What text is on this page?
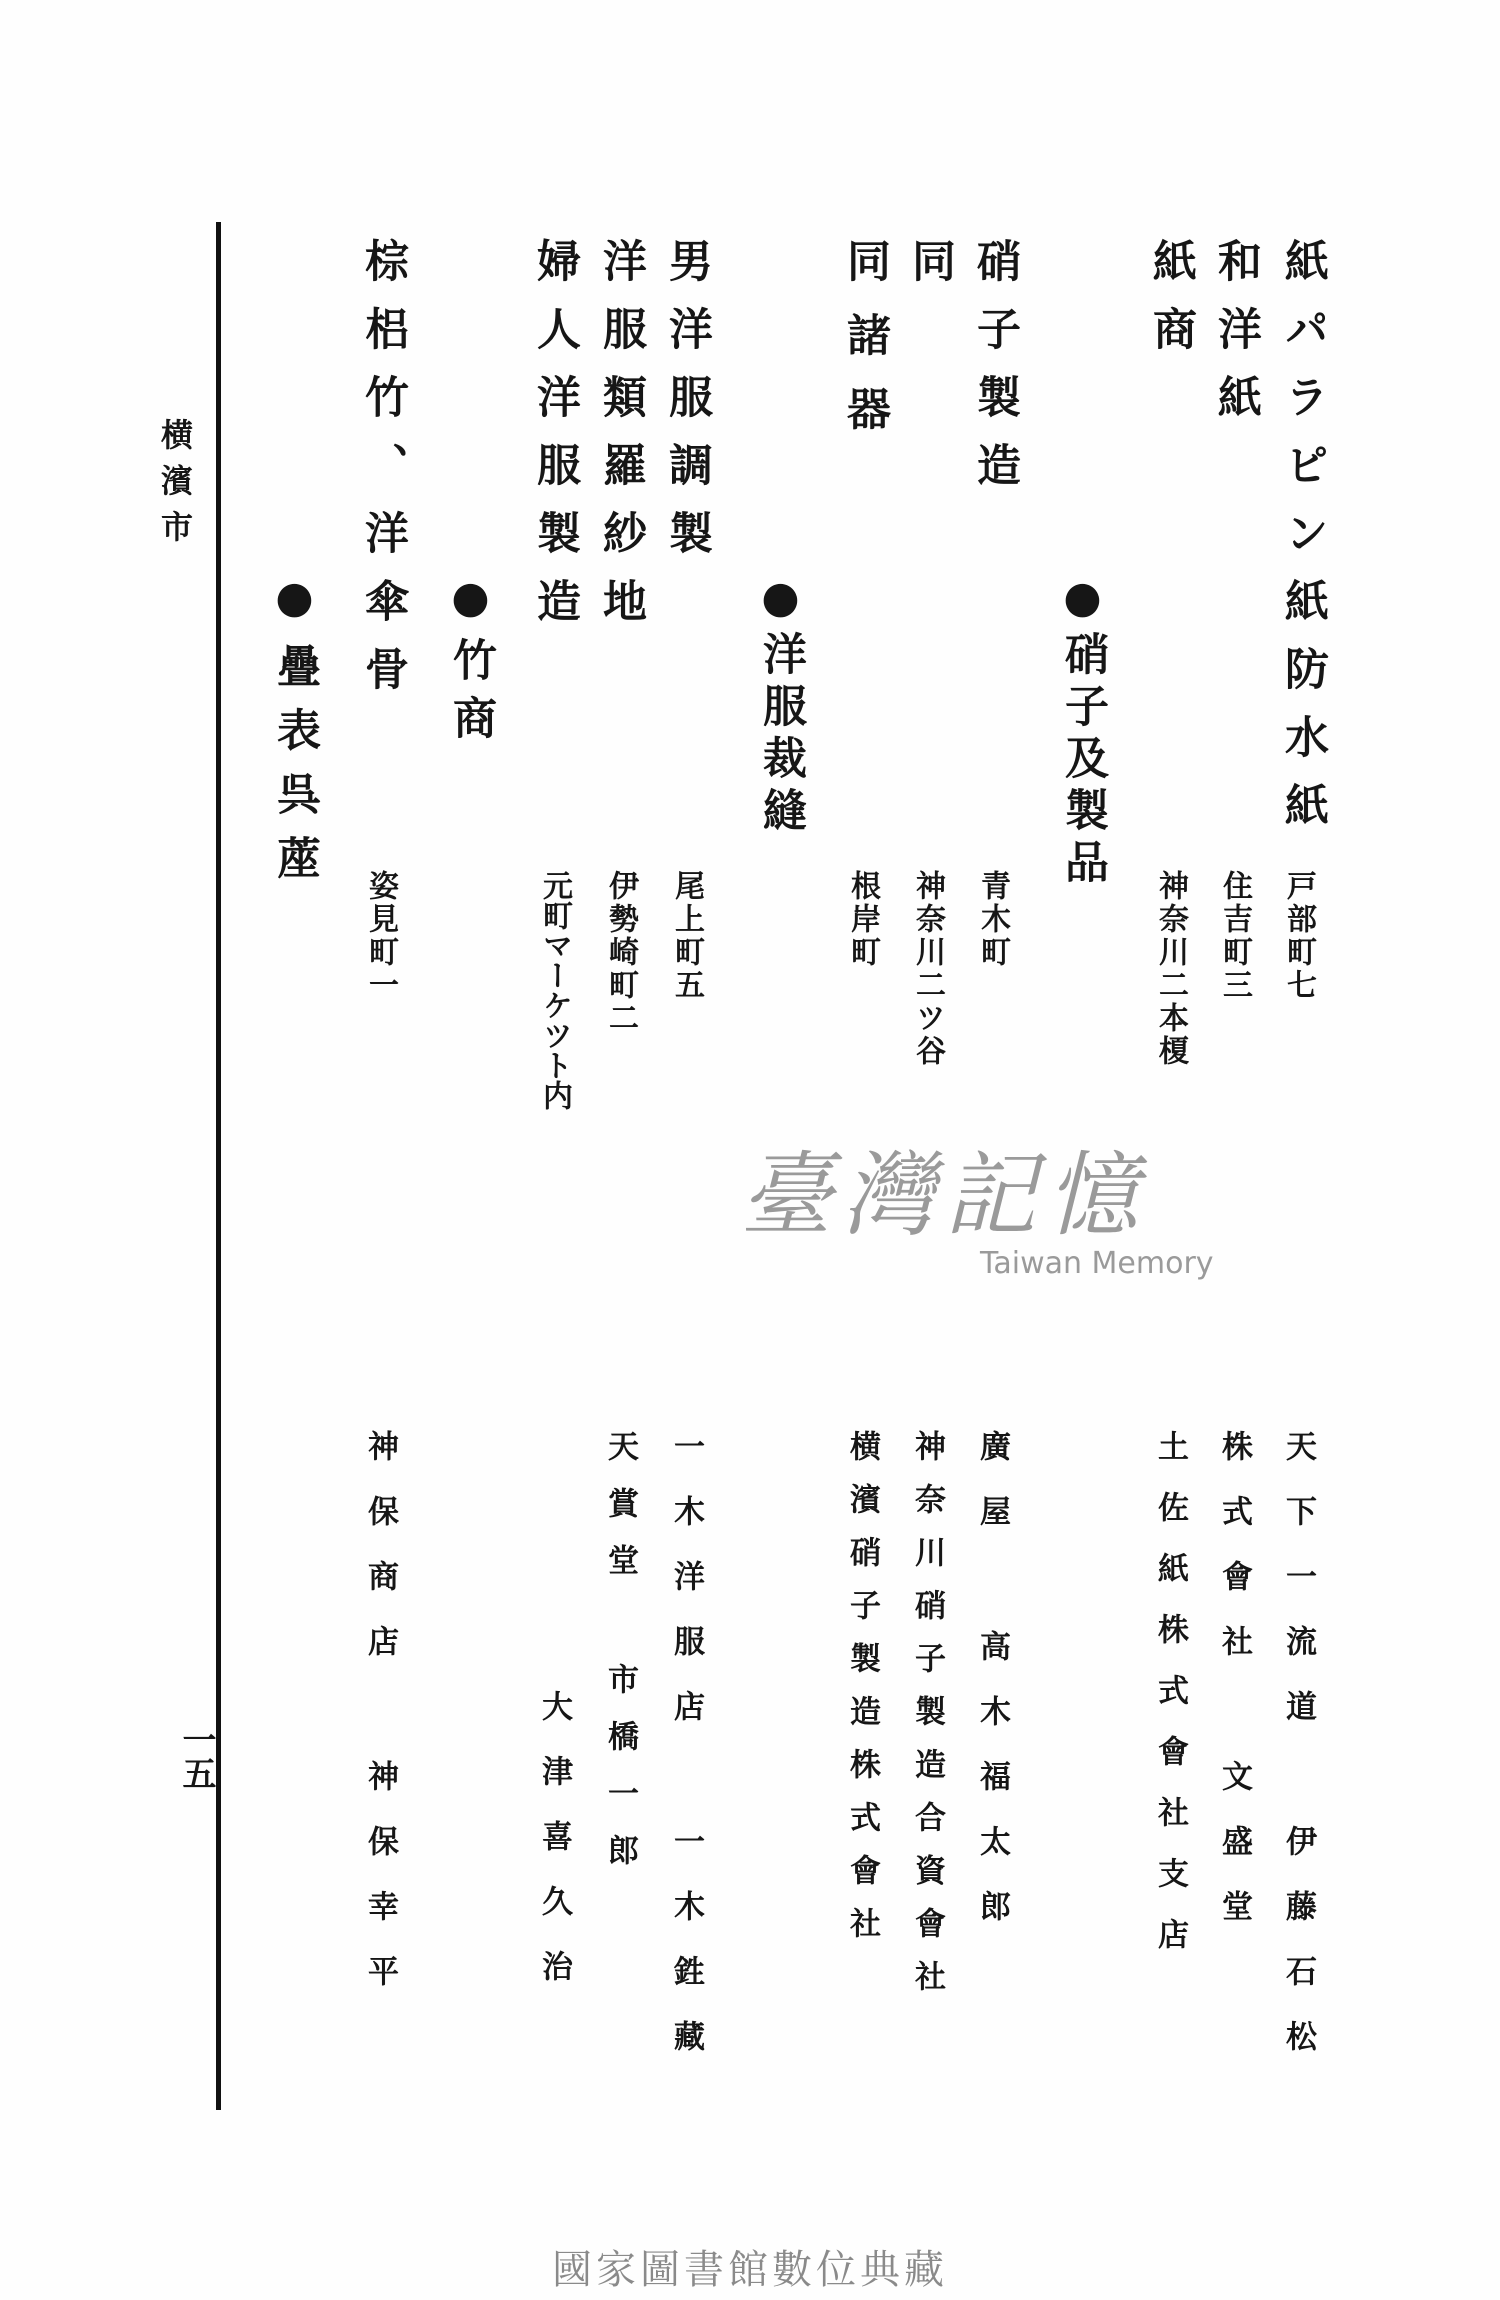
横濱市
一五
紙パラピン紙防水紙
戸部町七
天下一流道 伊藤石松
和洋紙
住吉町三
株式會社 文盛堂
紙商
神奈川二本榎
土佐紙株式會社支店
●硝子及製品
硝子製造
青木町
廣屋 高木福太郎
同
神奈川二ツ谷
神奈川硝子製造合資會社
同諸器
根岸町
横濱硝子製造株式會社
●洋服裁縫
男洋服調製
尾上町五
一木洋服店 一木鉎藏
洋服類羅紗地
伊勢崎町二
天賞堂 市橋一郎
婦人洋服製造
元町マーケツト内
大津喜久治
●竹商
棕梠竹、洋傘骨
姿見町一
神保商店 神保幸平
●疊表呉蓙
臺灣記憶
Taiwan Memory
國家圖書館數位典藏
